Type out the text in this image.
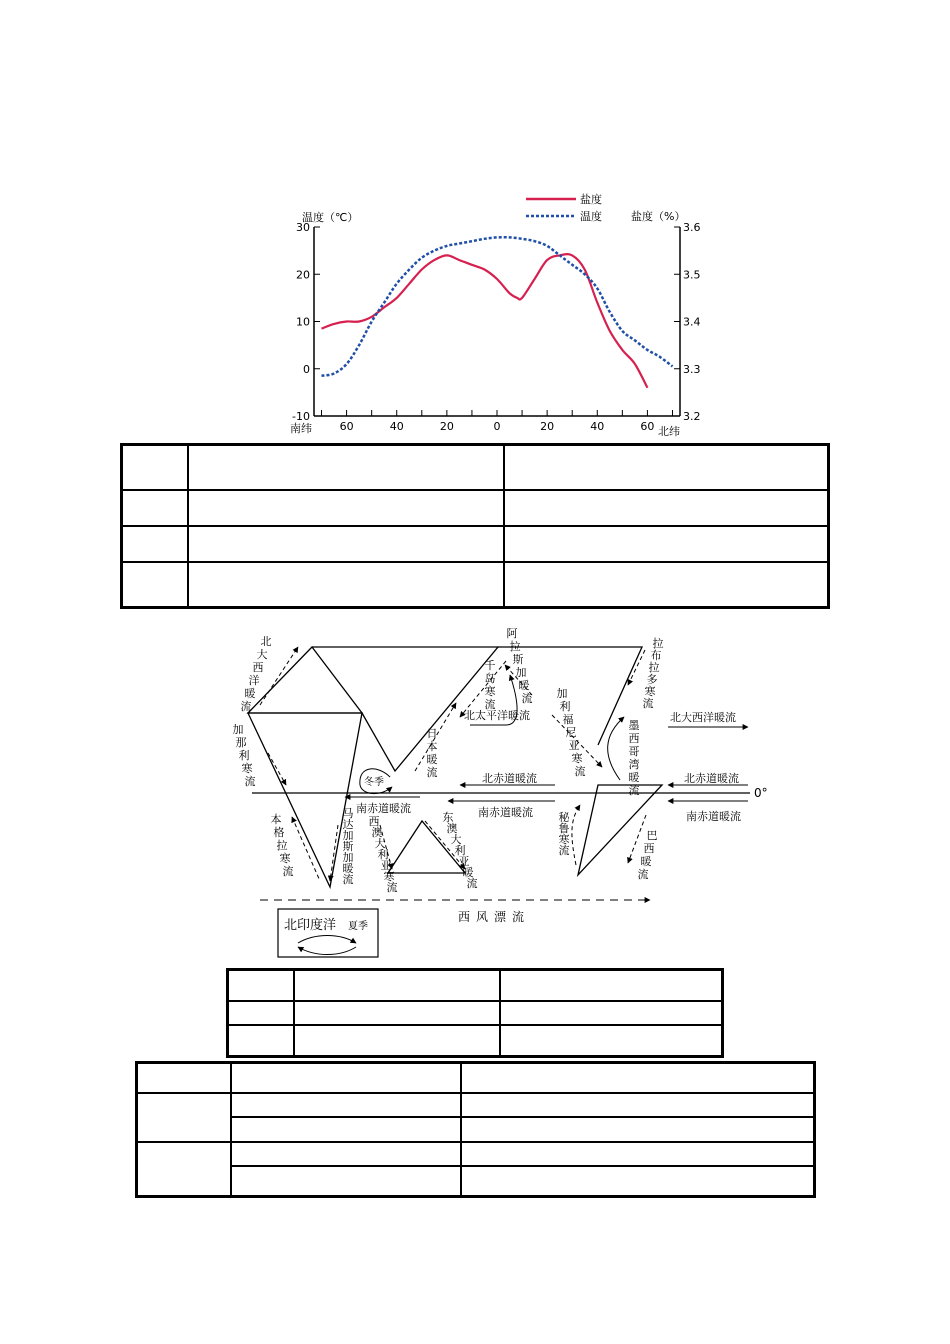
盐度
温度
温度（℃）	盐度（%）
30
20
10
0
-10
3.6
3.5
3.4
3.3
3.2
60	40	20	0	20	40	60
南纬	北纬

0°
北大西洋暖流
加那利寒流
本格拉寒流
马达加斯加暖流
西澳大利亚寒流
东澳大利亚暖流
日本暖流
千岛寒流
阿拉斯加暖流 加利福尼亚寒流
墨西哥湾暖流
拉布拉多寒流
秘鲁寒流
巴西暖流
北太平洋暖流	北大西洋暖流
北赤道暖流
南赤道暖流
南赤道暖流
北赤道暖流
南赤道暖流
冬季
西风漂流
北印度洋 夏季
